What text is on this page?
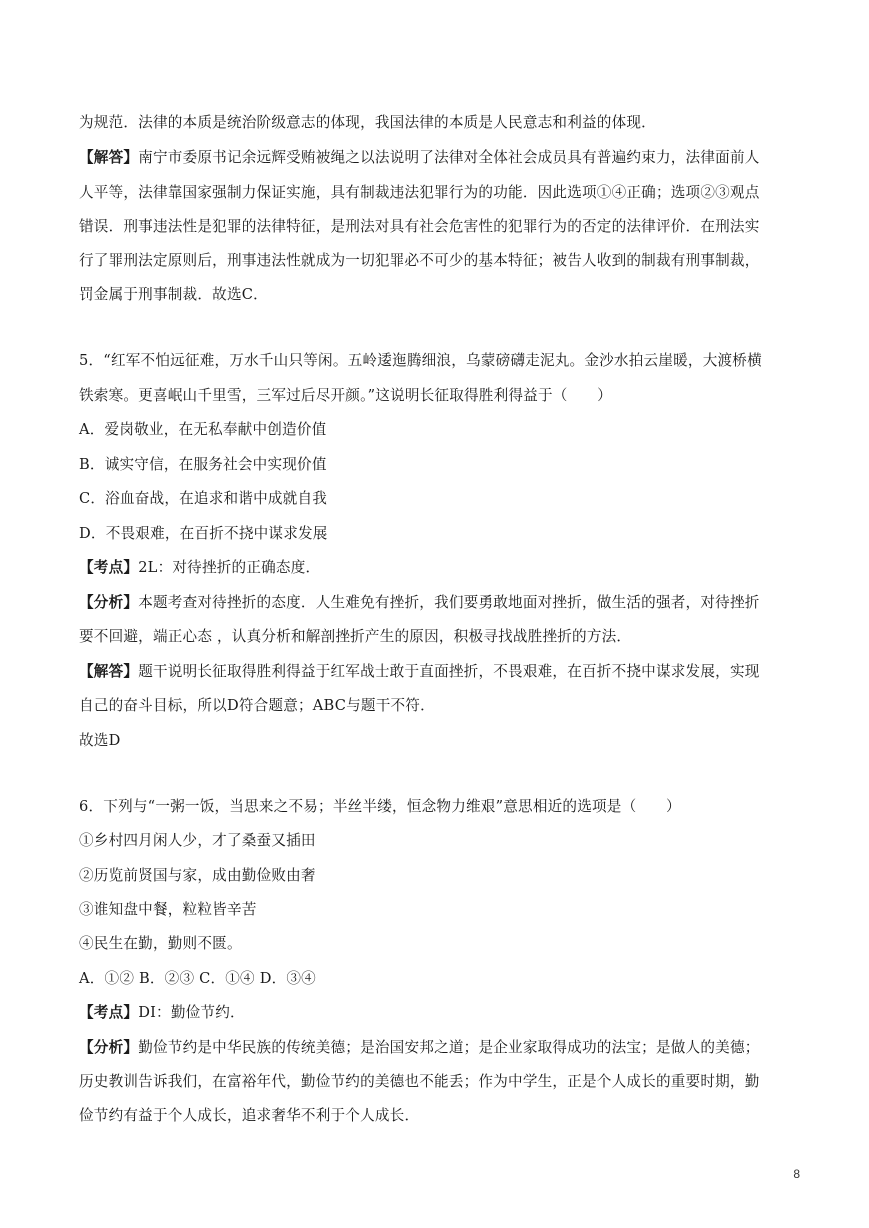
为规范．法律的本质是统治阶级意志的体现，我国法律的本质是人民意志和利益的体现．
【解答】南宁市委原书记余远辉受贿被绳之以法说明了法律对全体社会成员具有普遍约束力，法律面前人
人平等，法律靠国家强制力保证实施，具有制裁违法犯罪行为的功能．因此选项①④正确；选项②③观点
错误．刑事违法性是犯罪的法律特征，是刑法对具有社会危害性的犯罪行为的否定的法律评价．在刑法实
行了罪刑法定原则后，刑事违法性就成为一切犯罪必不可少的基本特征；被告人收到的制裁有刑事制裁，
罚金属于刑事制裁．故选C．
5．“红军不怕远征难，万水千山只等闲。五岭逶迤腾细浪，乌蒙磅礴走泥丸。金沙水拍云崖暖，大渡桥横
铁索寒。更喜岷山千里雪，三军过后尽开颜。”这说明长征取得胜利得益于（　　）
A．爱岗敬业，在无私奉献中创造价值
B．诚实守信，在服务社会中实现价值
C．浴血奋战，在追求和谐中成就自我
D．不畏艰难，在百折不挠中谋求发展
【考点】2L：对待挫折的正确态度．
【分析】本题考查对待挫折的态度．人生难免有挫折，我们要勇敢地面对挫折，做生活的强者，对待挫折
要不回避，端正心态 ，认真分析和解剖挫折产生的原因，积极寻找战胜挫折的方法．
【解答】题干说明长征取得胜利得益于红军战士敢于直面挫折，不畏艰难，在百折不挠中谋求发展，实现
自己的奋斗目标，所以D符合题意；ABC与题干不符．
故选D
6．下列与“一粥一饭，当思来之不易；半丝半缕，恒念物力维艰”意思相近的选项是（　　）
①乡村四月闲人少，才了桑蚕又插田
②历览前贤国与家，成由勤俭败由奢
③谁知盘中餐，粒粒皆辛苦
④民生在勤，勤则不匮。
A．①② B．②③ C．①④ D．③④
【考点】DI：勤俭节约．
【分析】勤俭节约是中华民族的传统美德；是治国安邦之道；是企业家取得成功的法宝；是做人的美德；
历史教训告诉我们，在富裕年代，勤俭节约的美德也不能丢；作为中学生，正是个人成长的重要时期，勤
俭节约有益于个人成长，追求奢华不利于个人成长．
8
